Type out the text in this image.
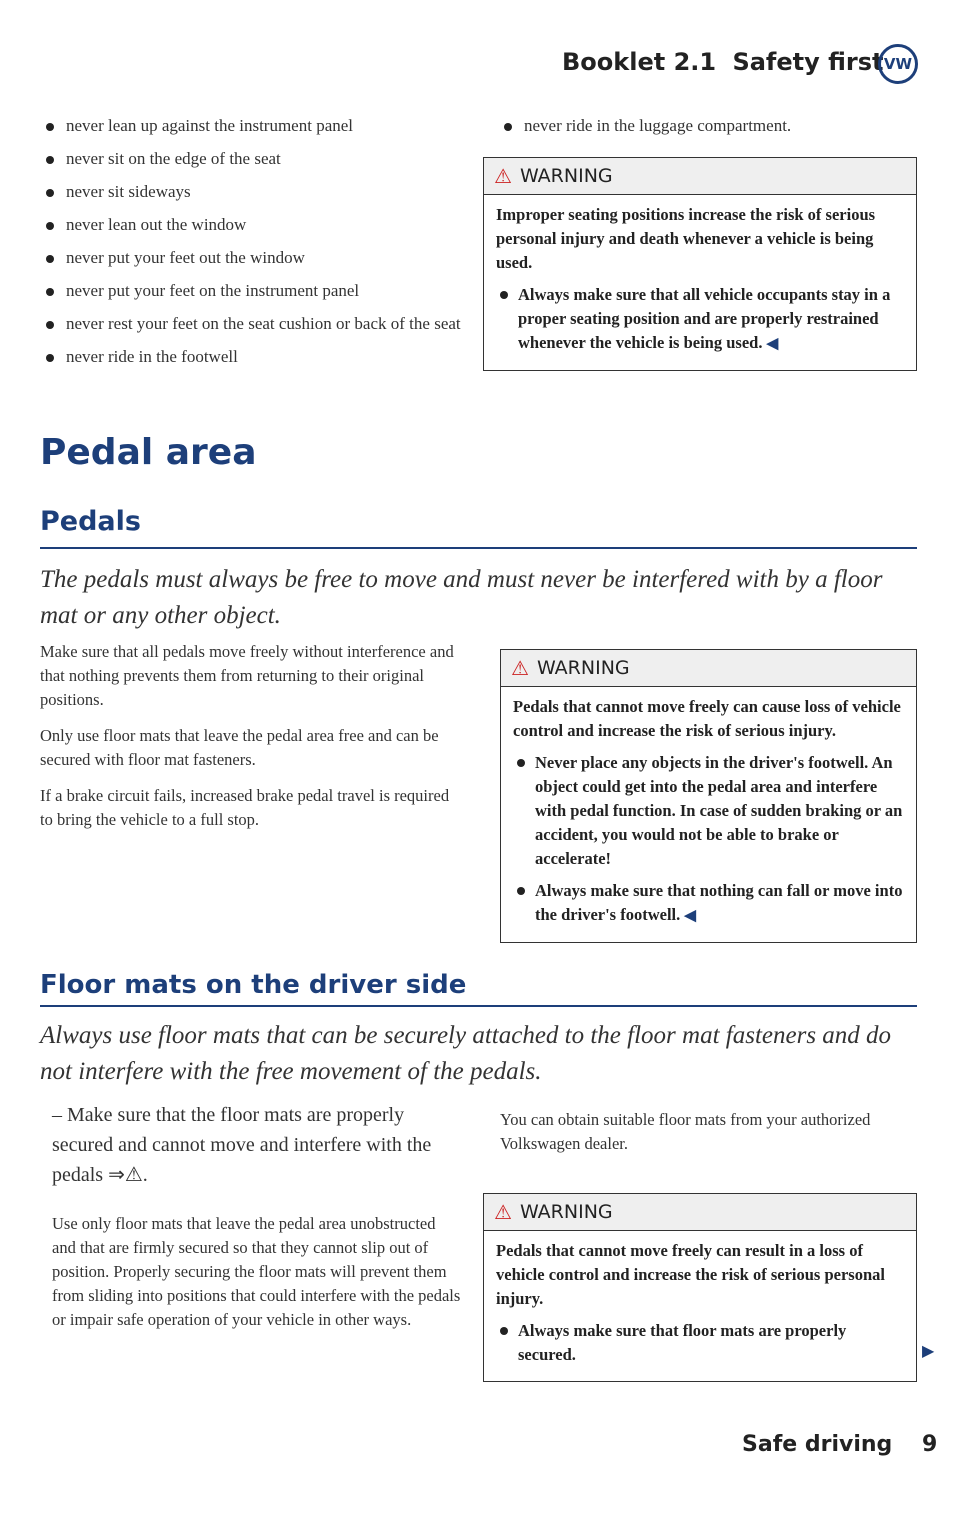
Booklet 2.1 Safety first VW
never lean up against the instrument panel
never sit on the edge of the seat
never sit sideways
never lean out the window
never put your feet out the window
never put your feet on the instrument panel
never rest your feet on the seat cushion or back of the seat
never ride in the footwell
never ride in the luggage compartment.
⚠ WARNING

Improper seating positions increase the risk of serious personal injury and death whenever a vehicle is being used.

Always make sure that all vehicle occupants stay in a proper seating position and are properly restrained whenever the vehicle is being used. ◀

Pedal area
Pedals
The pedals must always be free to move and must never be interfered with by a floor mat or any other object.

Make sure that all pedals move freely without interference and that nothing prevents them from returning to their original positions.

Only use floor mats that leave the pedal area free and can be secured with floor mat fasteners.

If a brake circuit fails, increased brake pedal travel is required to bring the vehicle to a full stop.

⚠ WARNING

Pedals that cannot move freely can cause loss of vehicle control and increase the risk of serious injury.

Never place any objects in the driver's footwell. An object could get into the pedal area and interfere with pedal function. In case of sudden braking or an accident, you would not be able to brake or accelerate!

Always make sure that nothing can fall or move into the driver's footwell. ◀

Floor mats on the driver side
Always use floor mats that can be securely attached to the floor mat fasteners and do not interfere with the free movement of the pedals.
– Make sure that the floor mats are properly secured and cannot move and interfere with the pedals ⇒⚠.

Use only floor mats that leave the pedal area unobstructed and that are firmly secured so that they cannot slip out of position. Properly securing the floor mats will prevent them from sliding into positions that could interfere with the pedals or impair safe operation of your vehicle in other ways.

You can obtain suitable floor mats from your authorized Volkswagen dealer.

⚠ WARNING

Pedals that cannot move freely can result in a loss of vehicle control and increase the risk of serious personal injury.

Always make sure that floor mats are properly secured.	▶
Safe driving 9
